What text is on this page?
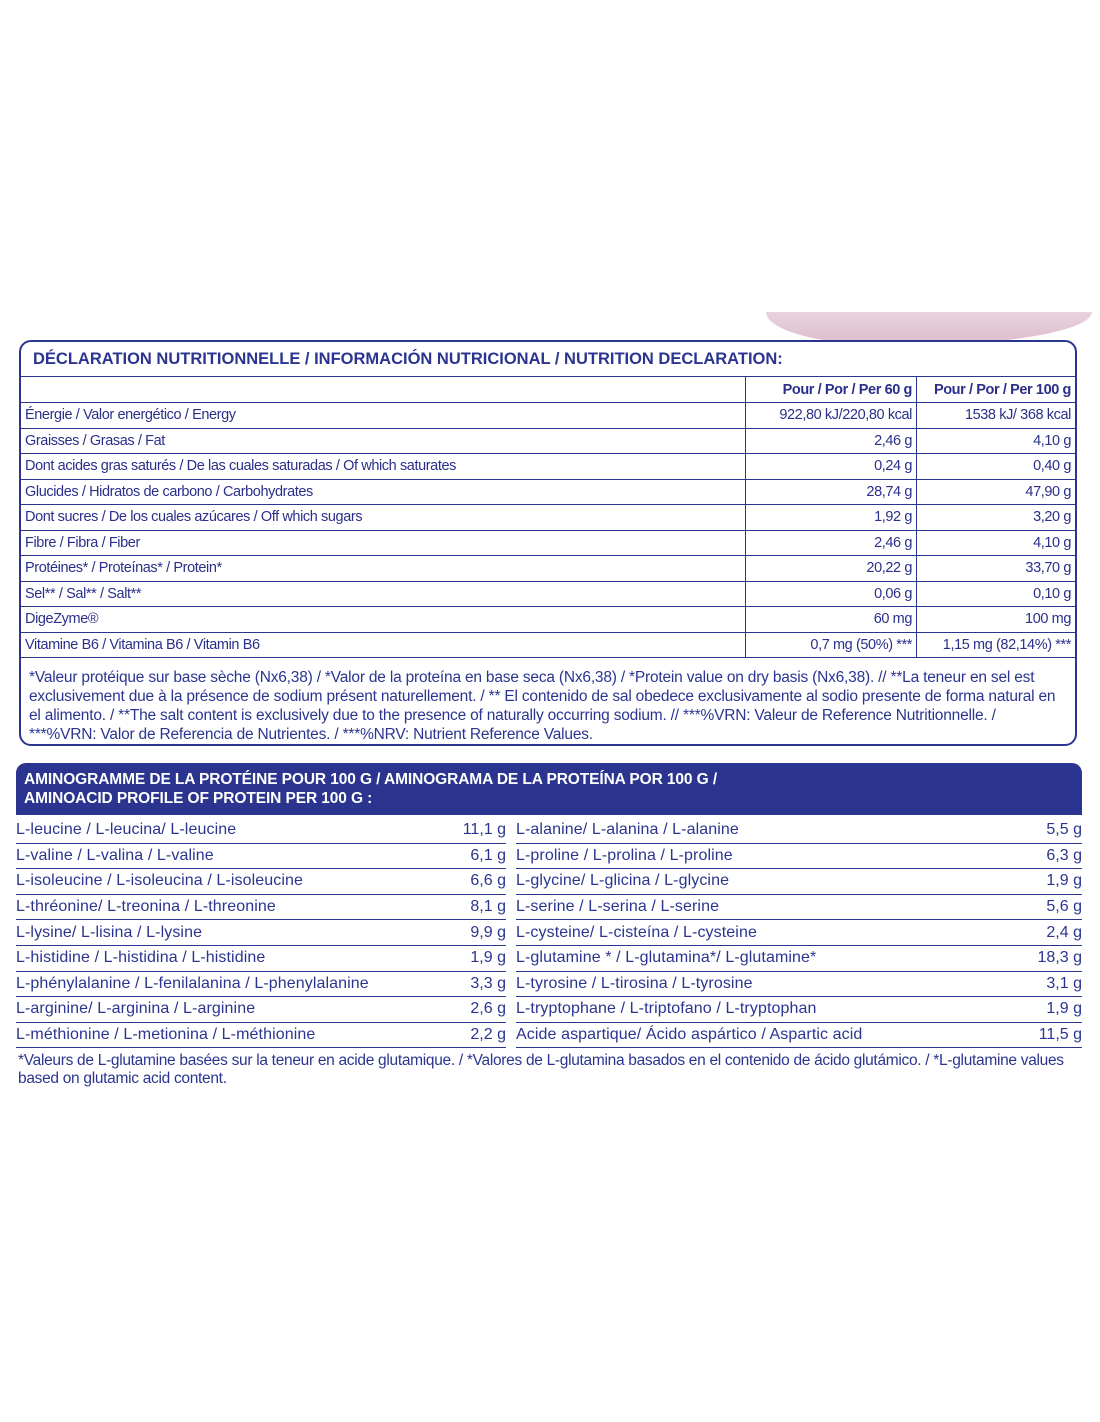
DÉCLARATION NUTRITIONNELLE / INFORMACIÓN NUTRICIONAL / NUTRITION DECLARATION:
	Pour / Por / Per 60 g	Pour / Por / Per 100 g
Énergie / Valor energético / Energy	922,80 kJ/220,80 kcal	1538 kJ/ 368 kcal
Graisses / Grasas / Fat	2,46 g	4,10 g
Dont acides gras saturés / De las cuales saturadas / Of which saturates	0,24 g	0,40 g
Glucides / Hidratos de carbono / Carbohydrates	28,74 g	47,90 g
Dont sucres / De los cuales azúcares / Off which sugars	1,92 g	3,20 g
Fibre / Fibra / Fiber	2,46 g	4,10 g
Protéines* / Proteínas* / Protein*	20,22 g	33,70 g
Sel** / Sal** / Salt**	0,06 g	0,10 g
DigeZyme®	60 mg	100 mg
Vitamine B6 / Vitamina B6 / Vitamin B6	0,7 mg (50%) ***	1,15 mg (82,14%) ***
*Valeur protéique sur base sèche (Nx6,38) / *Valor de la proteína en base seca (Nx6,38) / *Protein value on dry basis (Nx6,38). // **La teneur en sel est exclusivement due à la présence de sodium présent naturellement. / ** El contenido de sal obedece exclusivamente al sodio presente de forma natural en el alimento. / **The salt content is exclusively due to the presence of naturally occurring sodium. // ***%VRN: Valeur de Reference Nutritionnelle. / ***%VRN: Valor de Referencia de Nutrientes. / ***%NRV: Nutrient Reference Values.
AMINOGRAMME DE LA PROTÉINE POUR 100 G / AMINOGRAMA DE LA PROTEÍNA POR 100 G /
AMINOACID PROFILE OF PROTEIN PER 100 G :
L-leucine / L-leucina/ L-leucine	11,1 g L-alanine/ L-alanina / L-alanine	5,5 g
L-valine / L-valina / L-valine	6,1 g L-proline / L-prolina / L-proline	6,3 g
L-isoleucine / L-isoleucina / L-isoleucine	6,6 g L-glycine/ L-glicina / L-glycine	1,9 g
L-thréonine/ L-treonina / L-threonine	8,1 g L-serine / L-serina / L-serine	5,6 g
L-lysine/ L-lisina / L-lysine	9,9 g L-cysteine/ L-cisteína / L-cysteine	2,4 g
L-histidine / L-histidina / L-histidine	1,9 g L-glutamine * / L-glutamina*/ L-glutamine*	18,3 g
L-phénylalanine / L-fenilalanina / L-phenylalanine	3,3 g L-tyrosine / L-tirosina / L-tyrosine	3,1 g
L-arginine/ L-arginina / L-arginine	2,6 g L-tryptophane / L-triptofano / L-tryptophan	1,9 g
L-méthionine / L-metionina / L-méthionine	2,2 g Acide aspartique/ Ácido aspártico / Aspartic acid	11,5 g
*Valeurs de L-glutamine basées sur la teneur en acide glutamique. / *Valores de L-glutamina basados en el contenido de ácido glutámico. / *L-glutamine values based on glutamic acid content.
